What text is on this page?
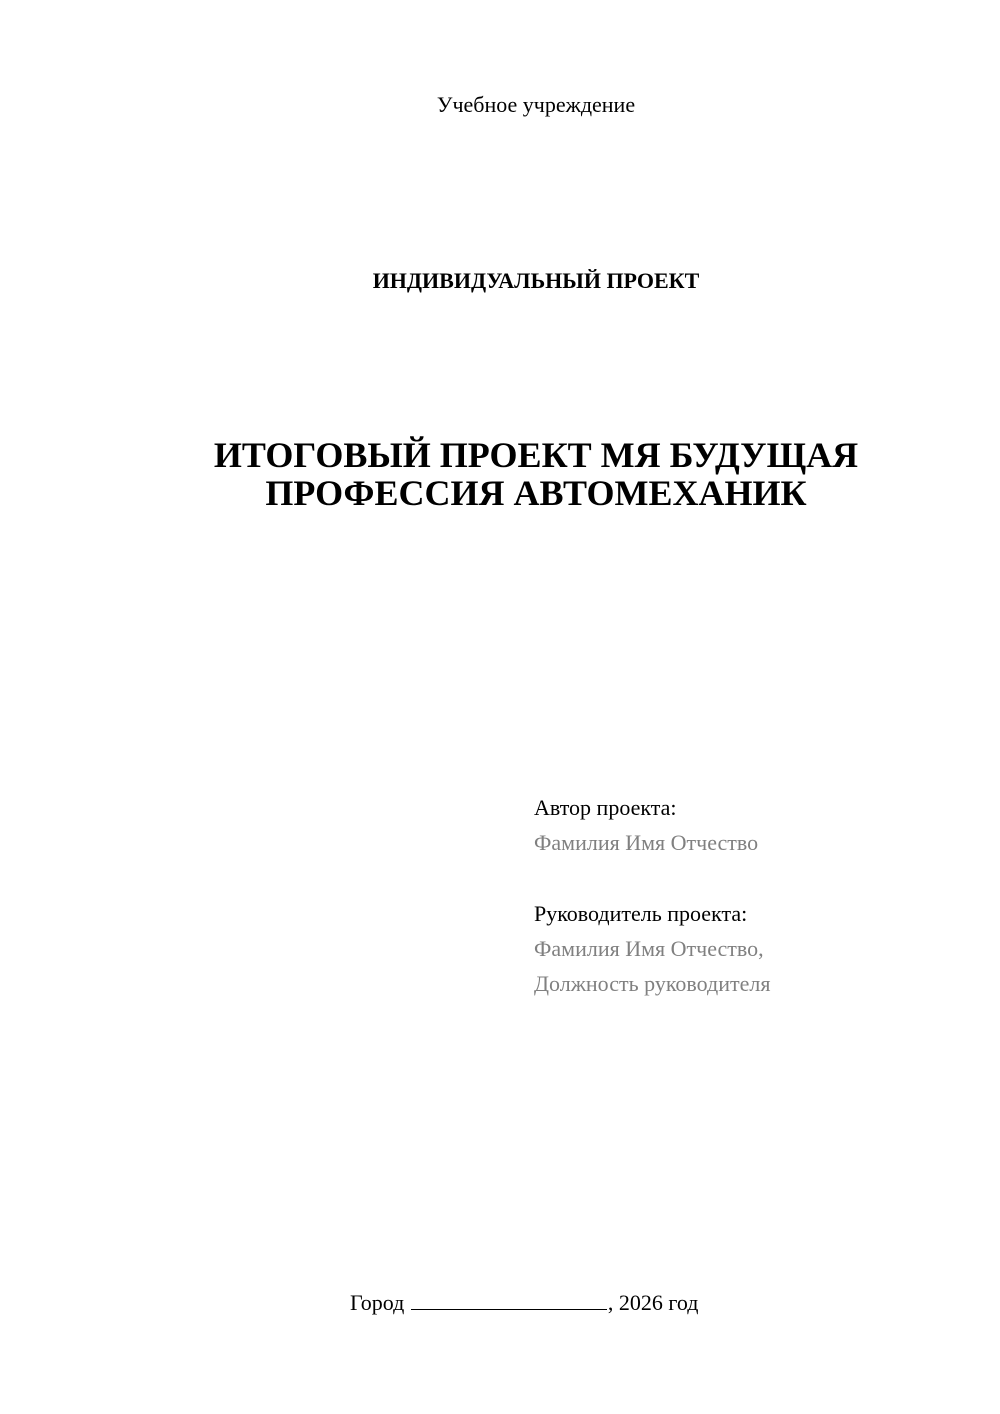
Учебное учреждение
ИНДИВИДУАЛЬНЫЙ ПРОЕКТ
ИТОГОВЫЙ ПРОЕКТ МЯ БУДУЩАЯ
ПРОФЕССИЯ АВТОМЕХАНИК
Автор проекта:
Фамилия Имя Отчество
Руководитель проекта:
Фамилия Имя Отчество,
Должность руководителя
Город	, 2026 год
